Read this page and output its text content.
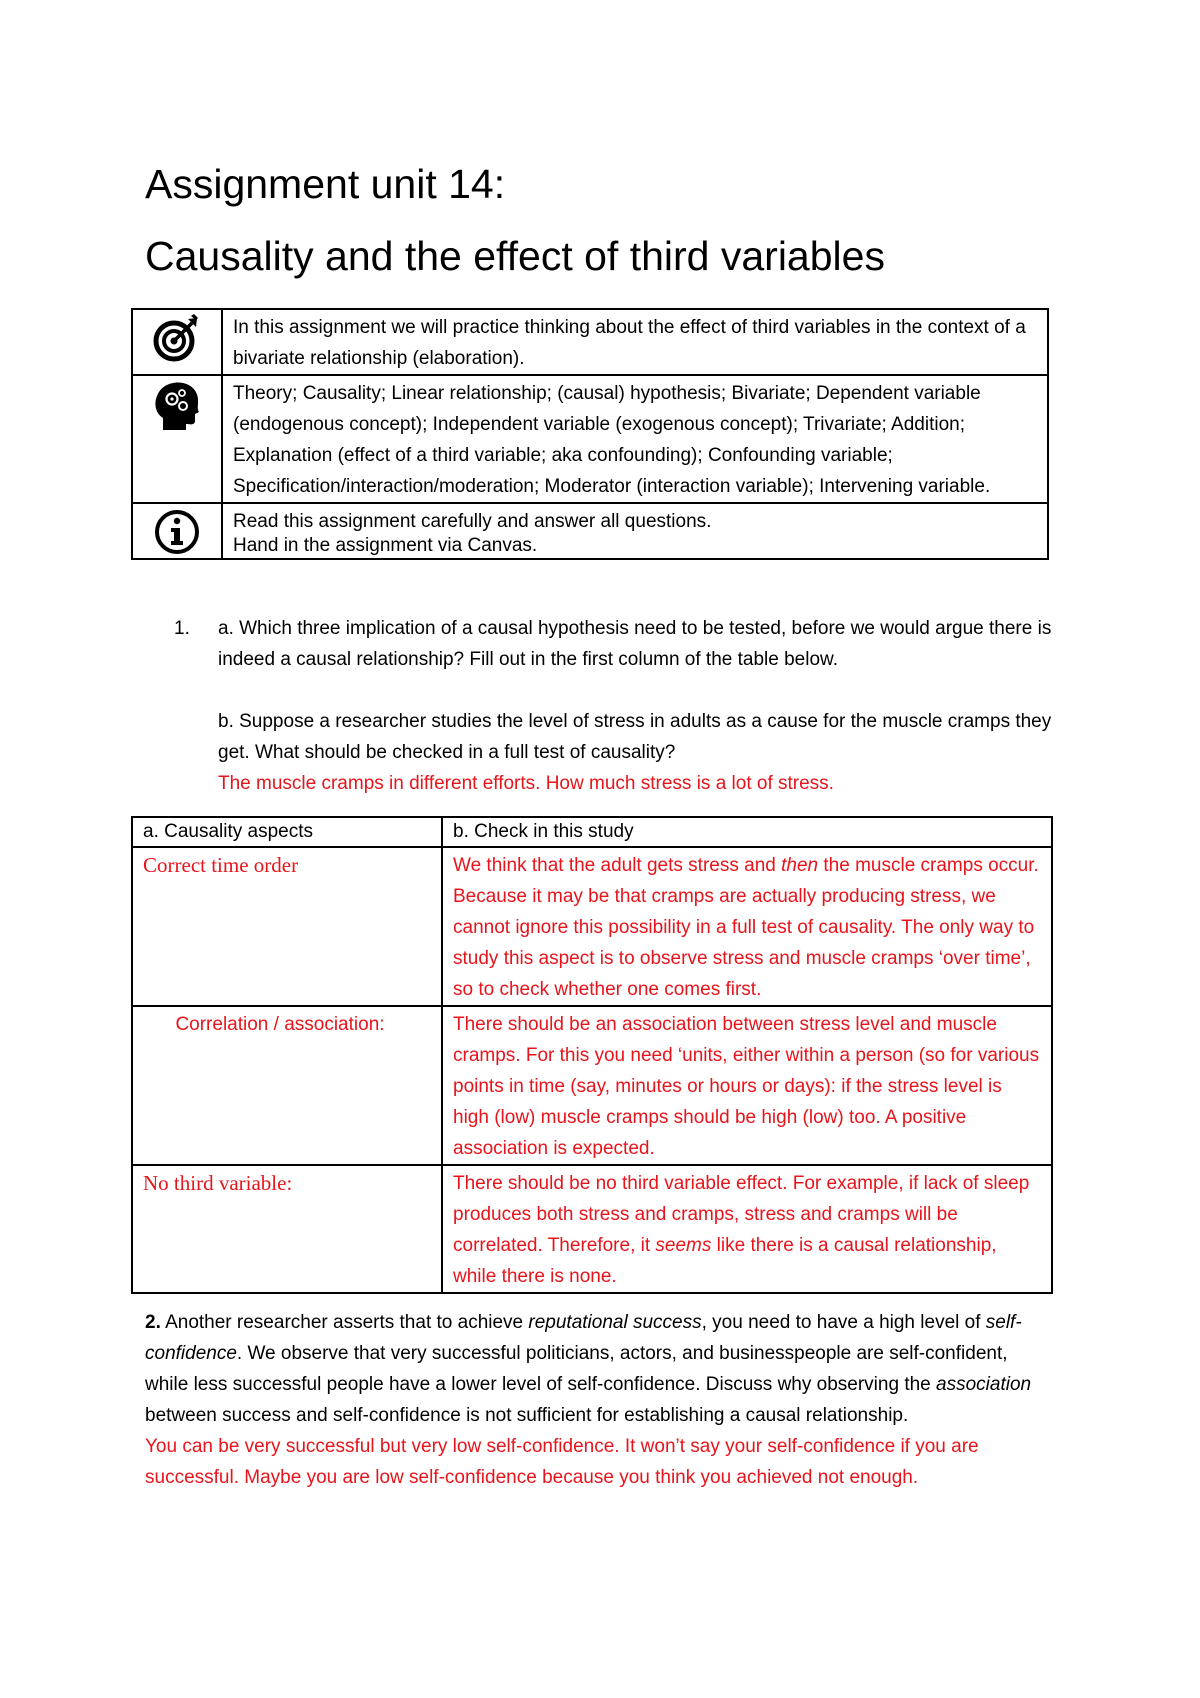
Assignment unit 14:
Causality and the effect of third variables
	In this assignment we will practice thinking about the effect of third variables in the context of a bivariate relationship (elaboration).

	Theory; Causality; Linear relationship; (causal) hypothesis; Bivariate; Dependent variable (endogenous concept); Independent variable (exogenous concept); Trivariate; Addition; Explanation (effect of a third variable; aka confounding); Confounding variable; Specification/interaction/moderation; Moderator (interaction variable); Intervening variable.

Read this assignment carefully and answer all questions.
Hand in the assignment via Canvas.
1. a. Which three implication of a causal hypothesis need to be tested, before we would argue there is indeed a causal relationship? Fill out in the first column of the table below.

b. Suppose a researcher studies the level of stress in adults as a cause for the muscle cramps they get. What should be checked in a full test of causality?

The muscle cramps in different efforts. How much stress is a lot of stress.

a. Causality aspects	b. Check in this study
Correct time order	We think that the adult gets stress and then the muscle cramps occur. Because it may be that cramps are actually producing stress, we cannot ignore this possibility in a full test of causality. The only way to study this aspect is to observe stress and muscle cramps ‘over time’, so to check whether one comes first.
Correlation / association:	There should be an association between stress level and muscle cramps. For this you need ‘units, either within a person (so for various points in time (say, minutes or hours or days): if the stress level is high (low) muscle cramps should be high (low) too. A positive association is expected.
No third variable:	There should be no third variable effect. For example, if lack of sleep produces both stress and cramps, stress and cramps will be correlated. Therefore, it seems like there is a causal relationship, while there is none.

2. Another researcher asserts that to achieve reputational success, you need to have a high level of self-confidence. We observe that very successful politicians, actors, and businesspeople are self-confident, while less successful people have a lower level of self-confidence. Discuss why observing the association between success and self-confidence is not sufficient for establishing a causal relationship.

You can be very successful but very low self-confidence. It won’t say your self-confidence if you are successful. Maybe you are low self-confidence because you think you achieved not enough.
